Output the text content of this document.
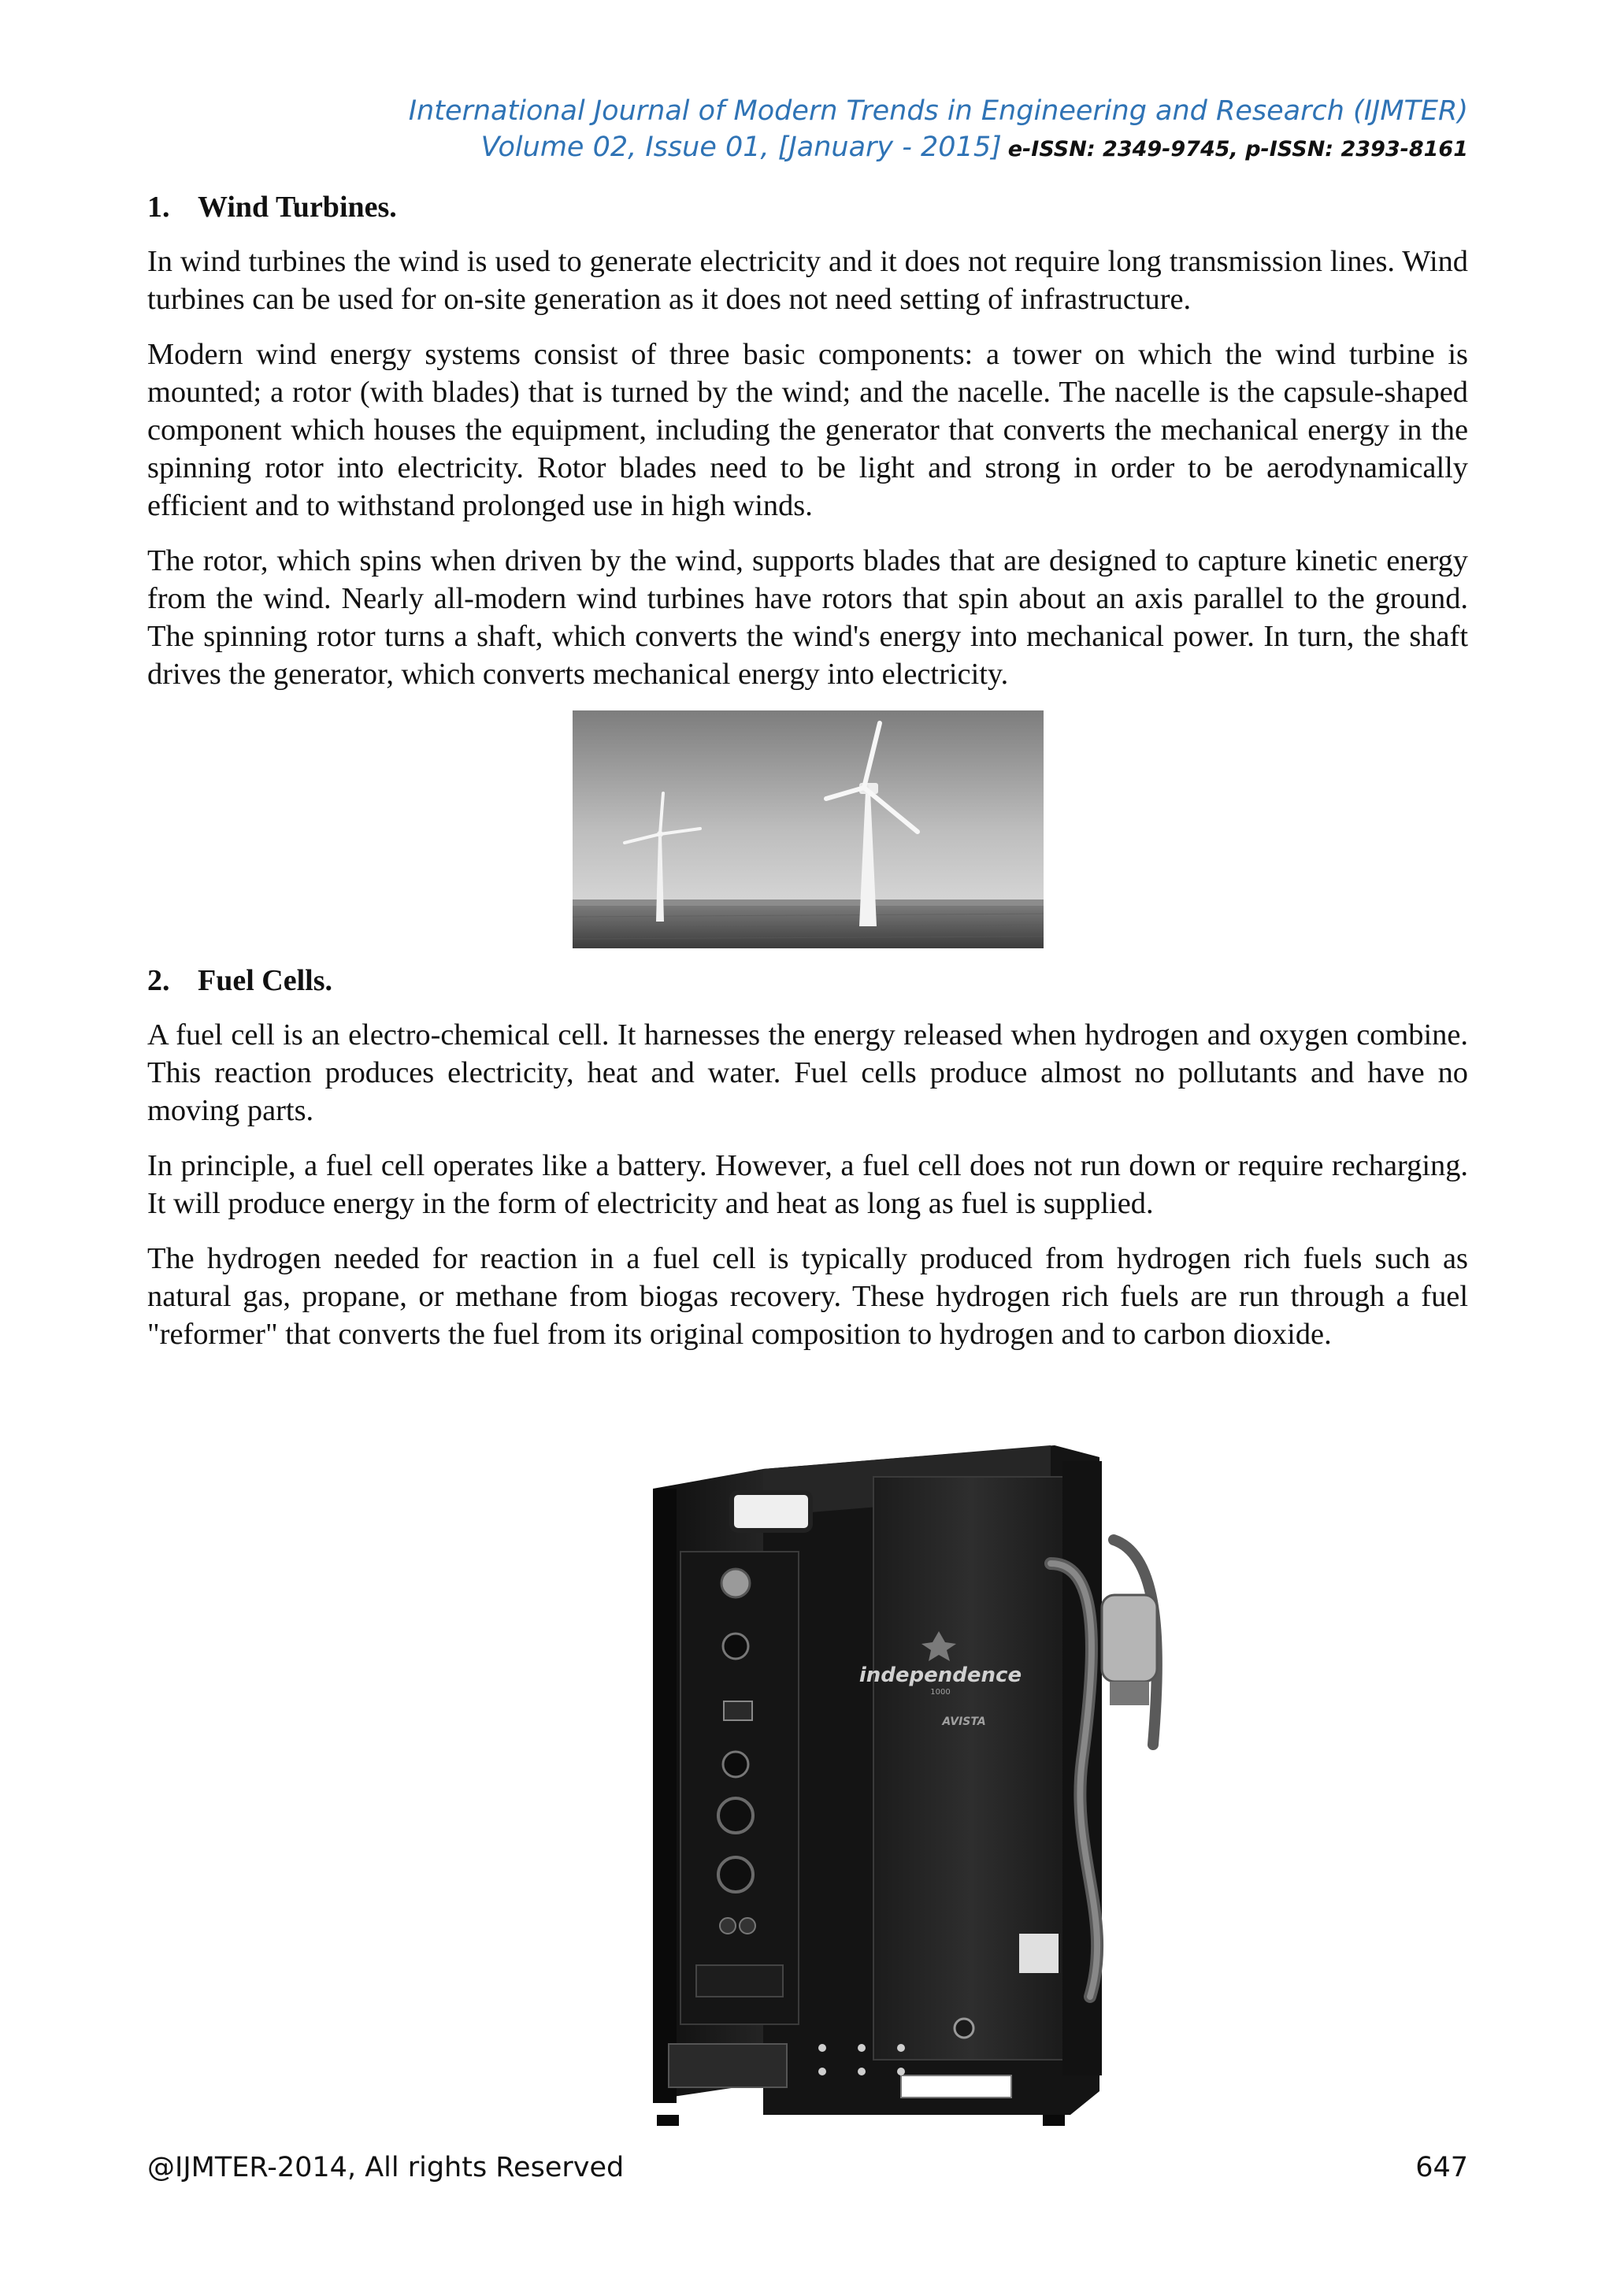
International Journal of Modern Trends in Engineering and Research (IJMTER)
Volume 02, Issue 01, [January - 2015] e-ISSN: 2349-9745, p-ISSN: 2393-8161
1. Wind Turbines.

In wind turbines the wind is used to generate electricity and it does not require long transmission lines. Wind turbines can be used for on-site generation as it does not need setting of infrastructure.

Modern wind energy systems consist of three basic components: a tower on which the wind turbine is mounted; a rotor (with blades) that is turned by the wind; and the nacelle. The nacelle is the capsule-shaped component which houses the equipment, including the generator that converts the mechanical energy in the spinning rotor into electricity. Rotor blades need to be light and strong in order to be aerodynamically efficient and to withstand prolonged use in high winds.

The rotor, which spins when driven by the wind, supports blades that are designed to capture kinetic energy from the wind. Nearly all-modern wind turbines have rotors that spin about an axis parallel to the ground. The spinning rotor turns a shaft, which converts the wind's energy into mechanical power. In turn, the shaft drives the generator, which converts mechanical energy into electricity.

2. Fuel Cells.

A fuel cell is an electro-chemical cell. It harnesses the energy released when hydrogen and oxygen combine. This reaction produces electricity, heat and water. Fuel cells produce almost no pollutants and have no moving parts.

In principle, a fuel cell operates like a battery. However, a fuel cell does not run down or require recharging. It will produce energy in the form of electricity and heat as long as fuel is supplied.

The hydrogen needed for reaction in a fuel cell is typically produced from hydrogen rich fuels such as natural gas, propane, or methane from biogas recovery. These hydrogen rich fuels are run through a fuel "reformer" that converts the fuel from its original composition to hydrogen and to carbon dioxide.

independence
1000
AVISTA
@IJMTER-2014, All rights Reserved	647
